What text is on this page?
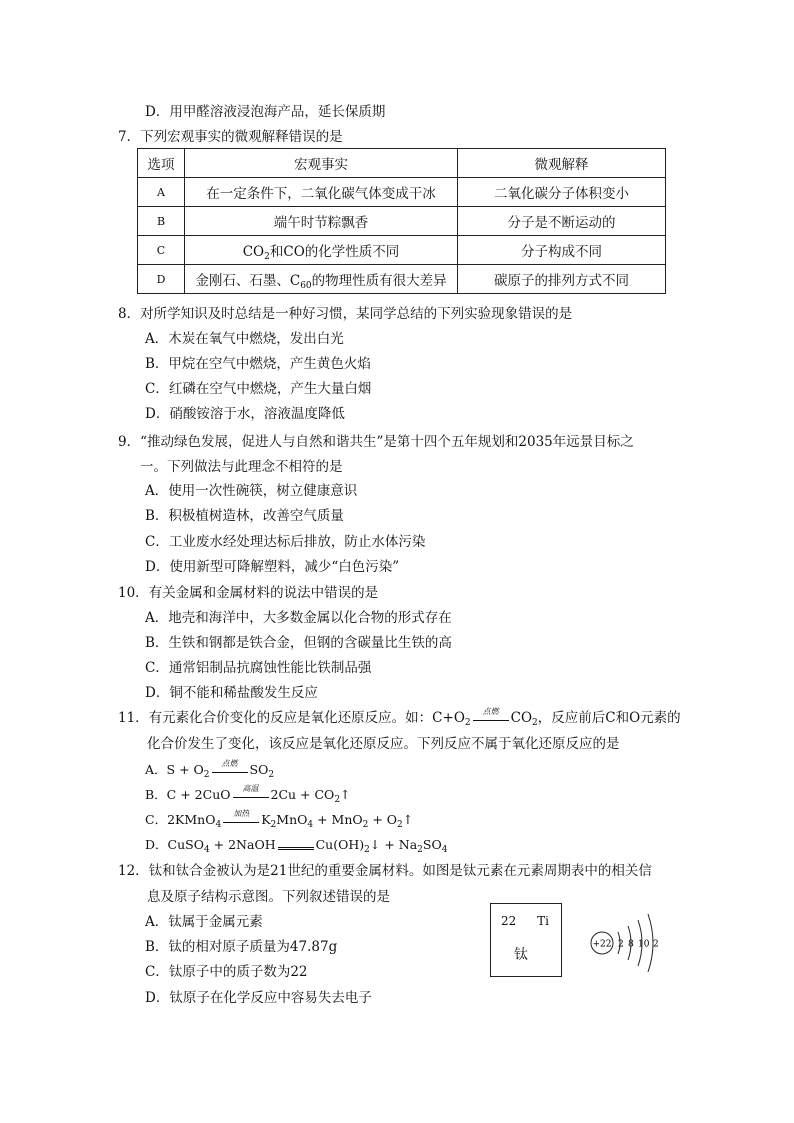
D．用甲醛溶液浸泡海产品，延长保质期
7．下列宏观事实的微观解释错误的是
选项	宏观事实	微观解释
A	在一定条件下，二氧化碳气体变成干冰	二氧化碳分子体积变小
B	端午时节粽飘香	分子是不断运动的
C	$CO_2$和CO的化学性质不同	分子构成不同
D	金刚石、石墨、$C_{60}$的物理性质有很大差异	碳原子的排列方式不同
8．对所学知识及时总结是一种好习惯，某同学总结的下列实验现象错误的是
A．木炭在氧气中燃烧，发出白光
B．甲烷在空气中燃烧，产生黄色火焰
C．红磷在空气中燃烧，产生大量白烟
D．硝酸铵溶于水，溶液温度降低
9．“推动绿色发展，促进人与自然和谐共生”是第十四个五年规划和2035年远景目标之
一。下列做法与此理念不相符的是
A．使用一次性碗筷，树立健康意识
B．积极植树造林，改善空气质量
C．工业废水经处理达标后排放，防止水体污染
D．使用新型可降解塑料，减少“白色污染”
10．有关金属和金属材料的说法中错误的是
A．地壳和海洋中，大多数金属以化合物的形式存在
B．生铁和钢都是铁合金，但钢的含碳量比生铁的高
C．通常铝制品抗腐蚀性能比铁制品强
D．铜不能和稀盐酸发生反应
11．有元素化合价变化的反应是氧化还原反应。如：$C+O_2$
点燃 $CO_2$，反应前后C和O元素的
化合价发生了变化，该反应是氧化还原反应。下列反应不属于氧化还原反应的是
A．$S + O_2$
点燃 $SO_2$
B．C + 2CuO	高温 $2Cu + CO_2↑$
C．2KMnO$_4$
加热 $K_2MnO_4 + MnO_2$ + $O_2↑$
D．CuSO$_4$ + 2NaOH	$Cu(OH)_2↓ + Na_2SO_4$
12．钛和钛合金被认为是21世纪的重要金属材料。如图是钛元素在元素周期表中的相关信
息及原子结构示意图。下列叙述错误的是
A．钛属于金属元素
B．钛的相对原子质量为47.87g
C．钛原子中的质子数为22
D．钛原子在化学反应中容易失去电子
22 Ti
钛
+22 2 8 10 2
